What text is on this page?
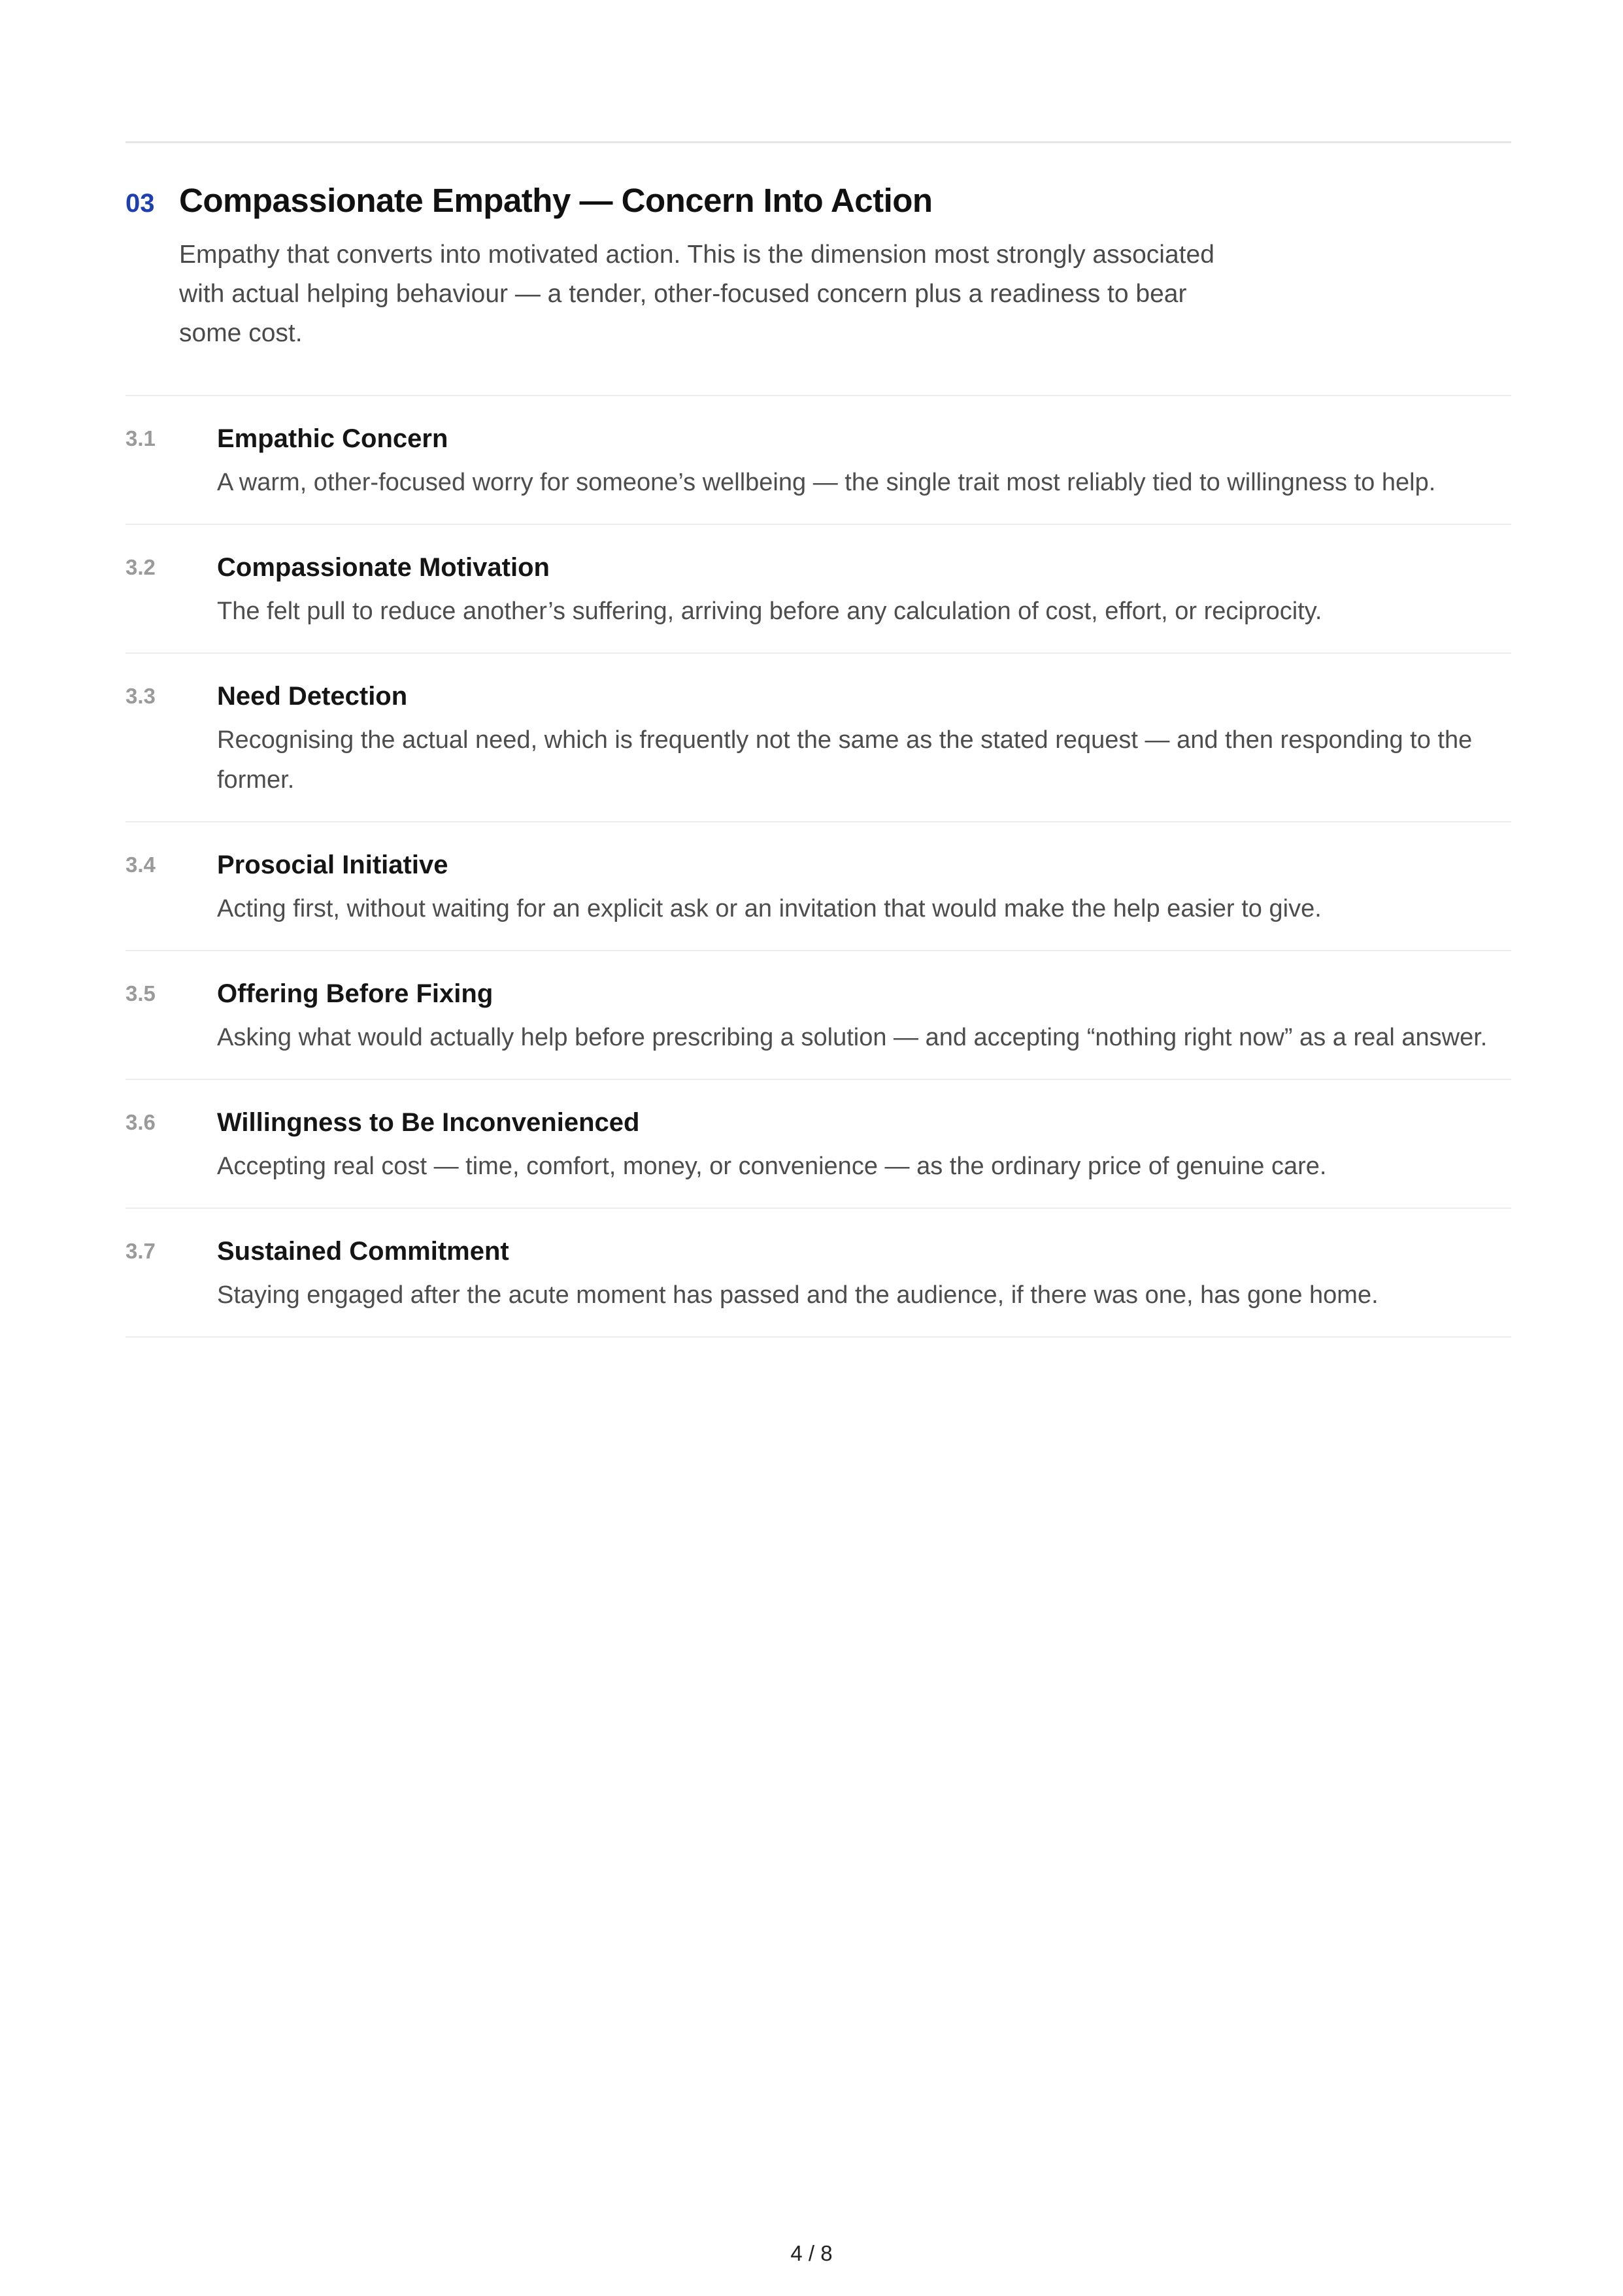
03 Compassionate Empathy — Concern Into Action
Empathy that converts into motivated action. This is the dimension most strongly associated with actual helping behaviour — a tender, other-focused concern plus a readiness to bear some cost.
3.1	Empathic Concern
A warm, other-focused worry for someone’s wellbeing — the single trait most reliably tied to willingness to help.
3.2	Compassionate Motivation
The felt pull to reduce another’s suffering, arriving before any calculation of cost, effort, or reciprocity.
3.3	Need Detection
Recognising the actual need, which is frequently not the same as the stated request — and then responding to the former.
3.4	Prosocial Initiative
Acting first, without waiting for an explicit ask or an invitation that would make the help easier to give.
3.5	Offering Before Fixing
Asking what would actually help before prescribing a solution — and accepting “nothing right now” as a real answer.
3.6	Willingness to Be Inconvenienced
Accepting real cost — time, comfort, money, or convenience — as the ordinary price of genuine care.
3.7	Sustained Commitment
Staying engaged after the acute moment has passed and the audience, if there was one, has gone home.
4 / 8
